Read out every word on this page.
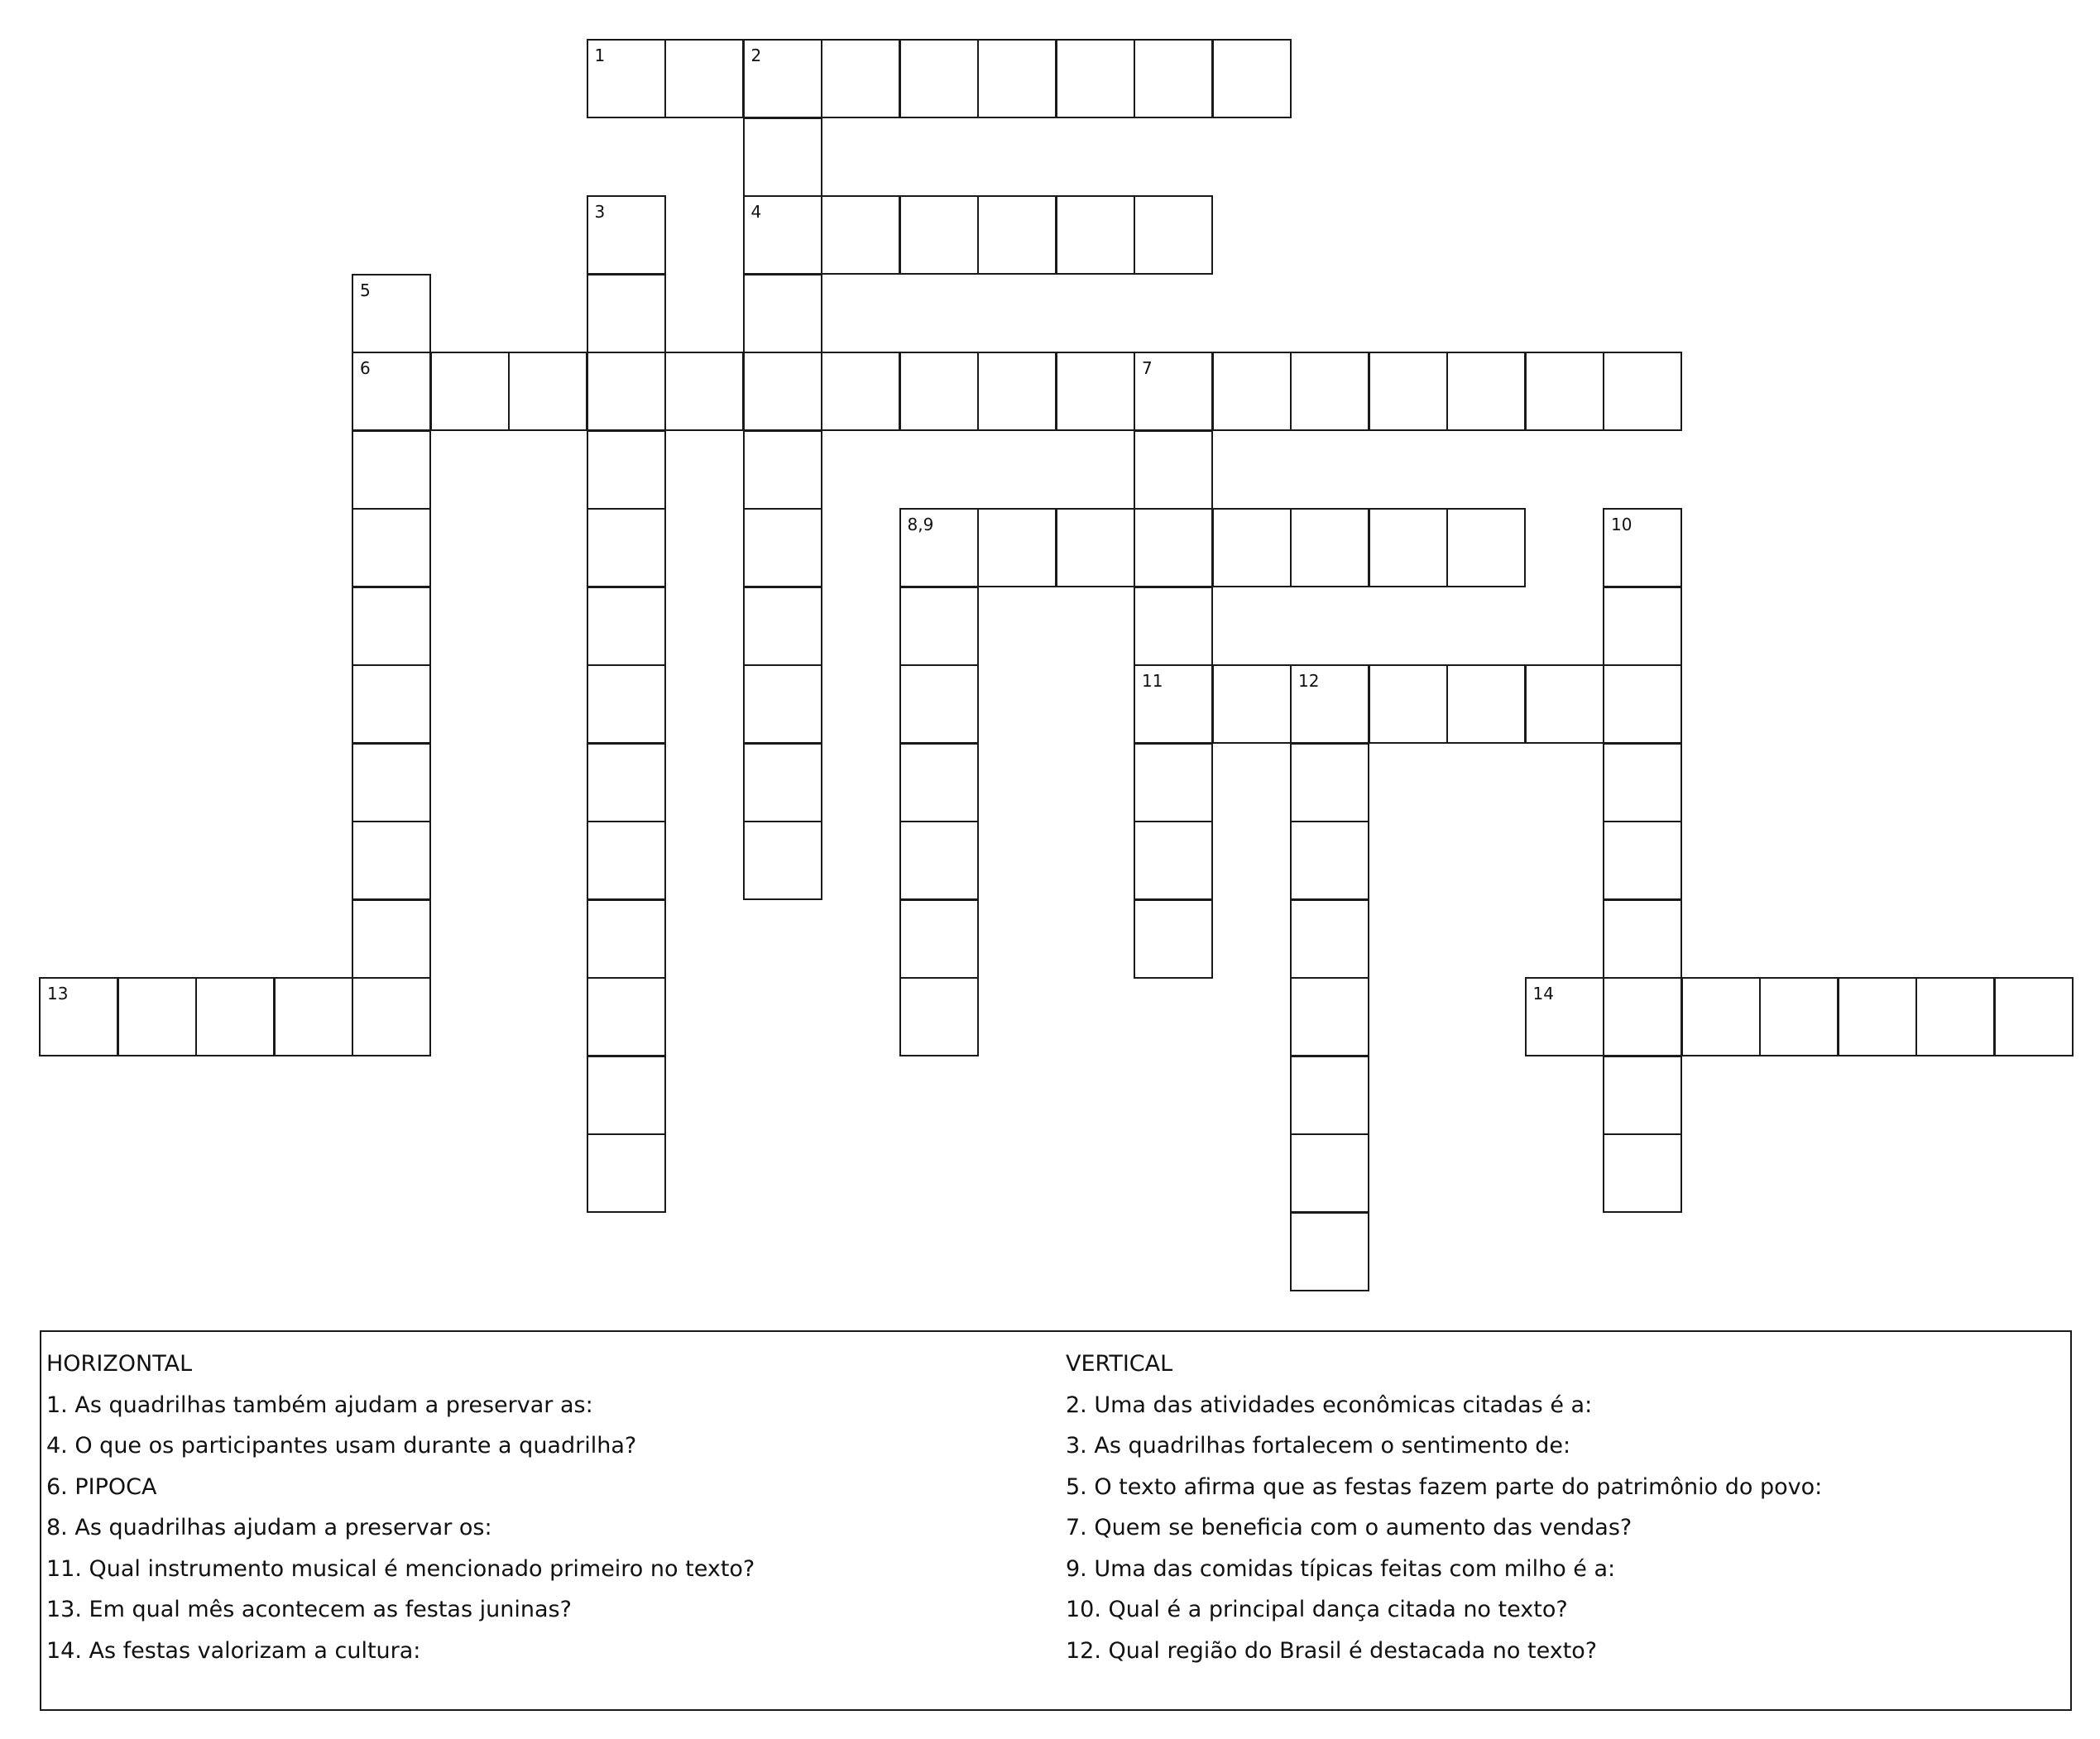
1	2
4
6	7
8,9
11	12
13	14
3
5
10
HORIZONTAL
1. As quadrilhas também ajudam a preservar as:
4. O que os participantes usam durante a quadrilha?
6. PIPOCA
8. As quadrilhas ajudam a preservar os:
11. Qual instrumento musical é mencionado primeiro no texto?
13. Em qual mês acontecem as festas juninas?
14. As festas valorizam a cultura:
VERTICAL
2. Uma das atividades econômicas citadas é a:
3. As quadrilhas fortalecem o sentimento de:
5. O texto afirma que as festas fazem parte do patrimônio do povo:
7. Quem se beneficia com o aumento das vendas?
9. Uma das comidas típicas feitas com milho é a:
10. Qual é a principal dança citada no texto?
12. Qual região do Brasil é destacada no texto?
